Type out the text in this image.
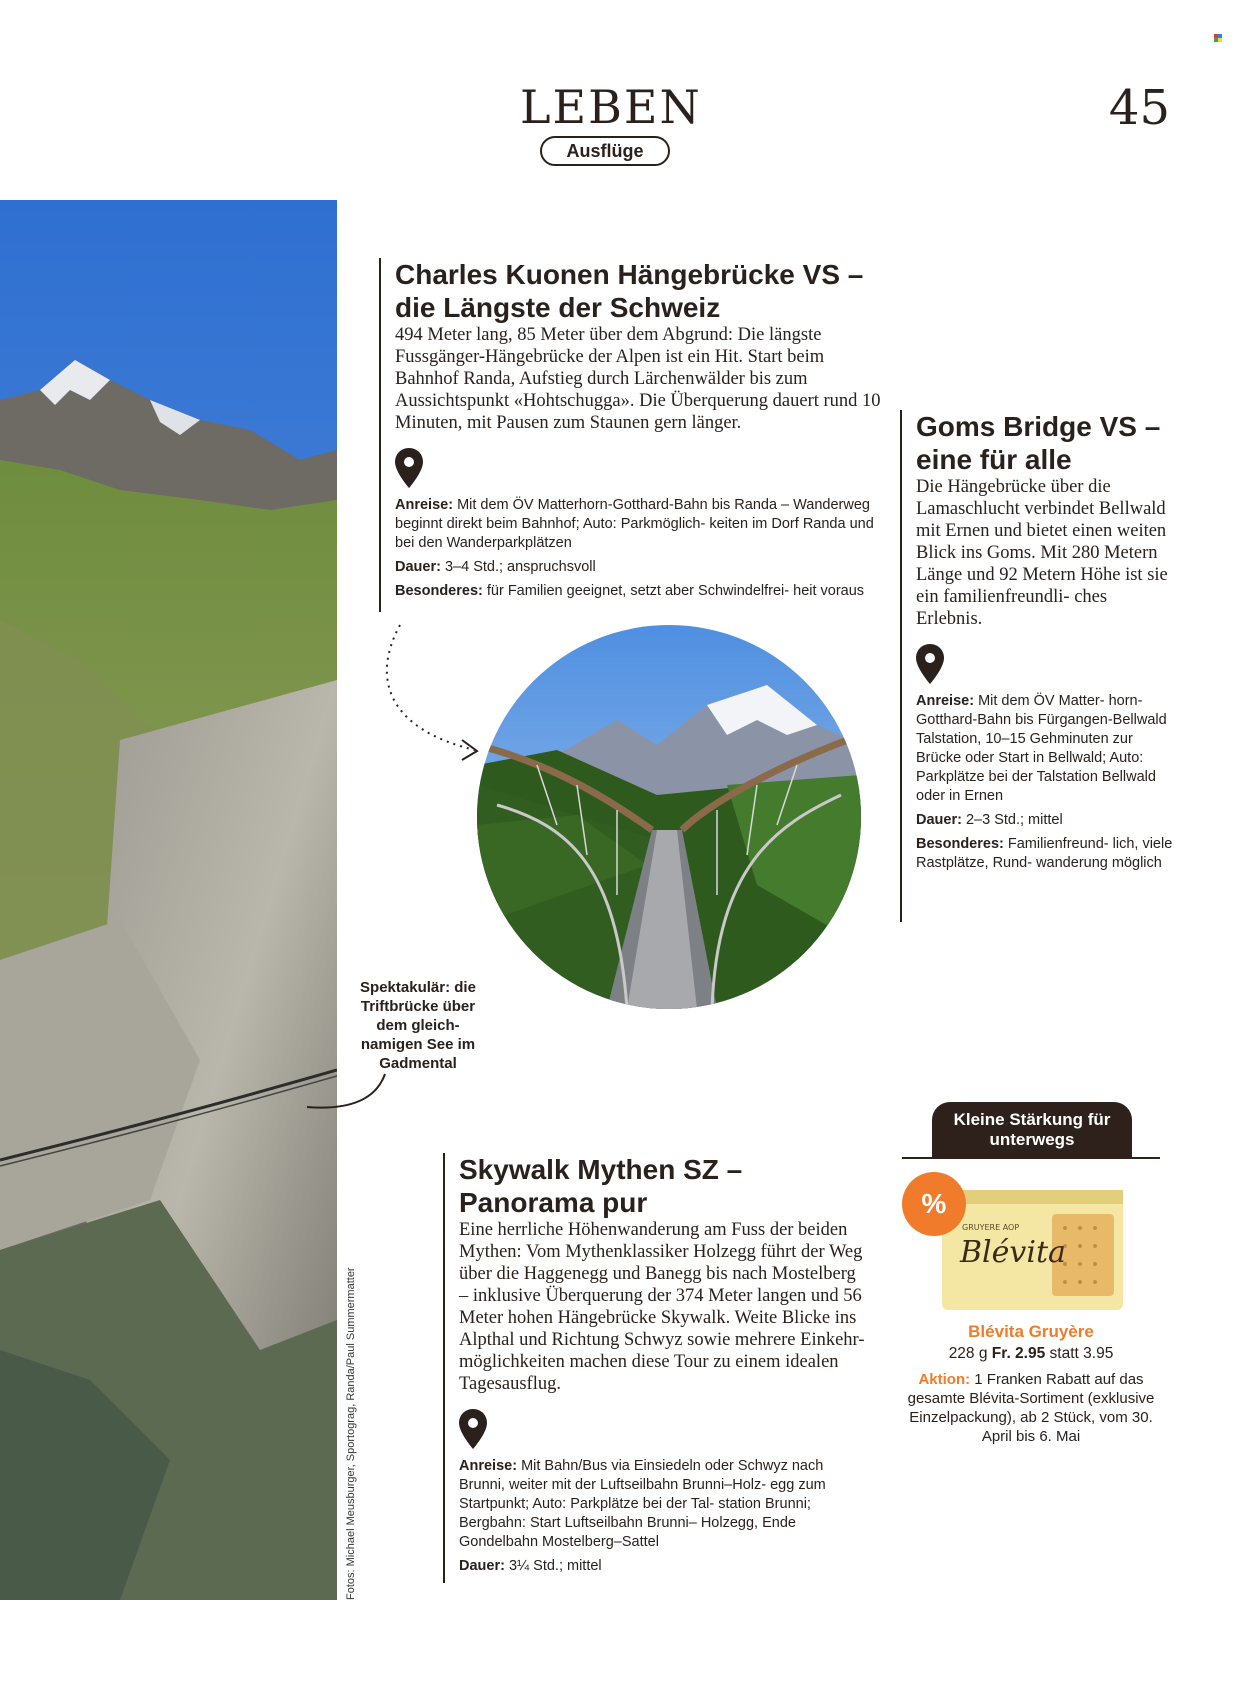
LEBEN
Ausflüge
45
Fotos: Michael Meusburger, Sportograg, Randa/Paul Summermatter
Charles Kuonen Hängebrücke VS – die Längste der Schweiz

494 Meter lang, 85 Meter über dem Abgrund: Die längste Fussgänger-Hängebrücke der Alpen ist ein Hit. Start beim Bahnhof Randa, Aufstieg durch Lärchenwälder bis zum Aussichtspunkt «Hohtschugga». Die Überquerung dauert rund 10 Minuten, mit Pausen zum Staunen gern länger.

Anreise: Mit dem ÖV Matterhorn-Gotthard-Bahn bis Randa – Wanderweg beginnt direkt beim Bahnhof; Auto: Parkmöglich- keiten im Dorf Randa und bei den Wanderparkplätzen

Dauer: 3–4 Std.; anspruchsvoll

Besonderes: für Familien geeignet, setzt aber Schwindelfrei- heit voraus

Goms Bridge VS – eine für alle

Die Hängebrücke über die Lamaschlucht verbindet Bellwald mit Ernen und bietet einen weiten Blick ins Goms. Mit 280 Metern Länge und 92 Metern Höhe ist sie ein familienfreundli- ches Erlebnis.

Anreise: Mit dem ÖV Matter- horn-Gotthard-Bahn bis Fürgangen-Bellwald Talstation, 10–15 Gehminuten zur Brücke oder Start in Bellwald; Auto: Parkplätze bei der Talstation Bellwald oder in Ernen

Dauer: 2–3 Std.; mittel

Besonderes: Familienfreund- lich, viele Rastplätze, Rund- wanderung möglich

Spektakulär: die Triftbrücke über dem gleich- namigen See im Gadmental
Skywalk Mythen SZ – Panorama pur

Eine herrliche Höhenwanderung am Fuss der beiden Mythen: Vom Mythenklassiker Holzegg führt der Weg über die Haggenegg und Banegg bis nach Mostelberg – inklusive Überquerung der 374 Meter langen und 56 Meter hohen Hängebrücke Skywalk. Weite Blicke ins Alpthal und Richtung Schwyz sowie mehrere Einkehr- möglichkeiten machen diese Tour zu einem idealen Tagesausflug.

Anreise: Mit Bahn/Bus via Einsiedeln oder Schwyz nach Brunni, weiter mit der Luftseilbahn Brunni–Holz- egg zum Startpunkt; Auto: Parkplätze bei der Tal- station Brunni; Bergbahn: Start Luftseilbahn Brunni– Holzegg, Ende Gondelbahn Mostelberg–Sattel

Dauer: 3¼ Std.; mittel

Kleine Stärkung für unterwegs
%
Blévita
GRUYERE AOP
Blévita Gruyère
228 g Fr. 2.95 statt 3.95
Aktion: 1 Franken Rabatt auf das gesamte Blévita-Sortiment (exklusive Einzelpackung), ab 2 Stück, vom 30. April bis 6. Mai
